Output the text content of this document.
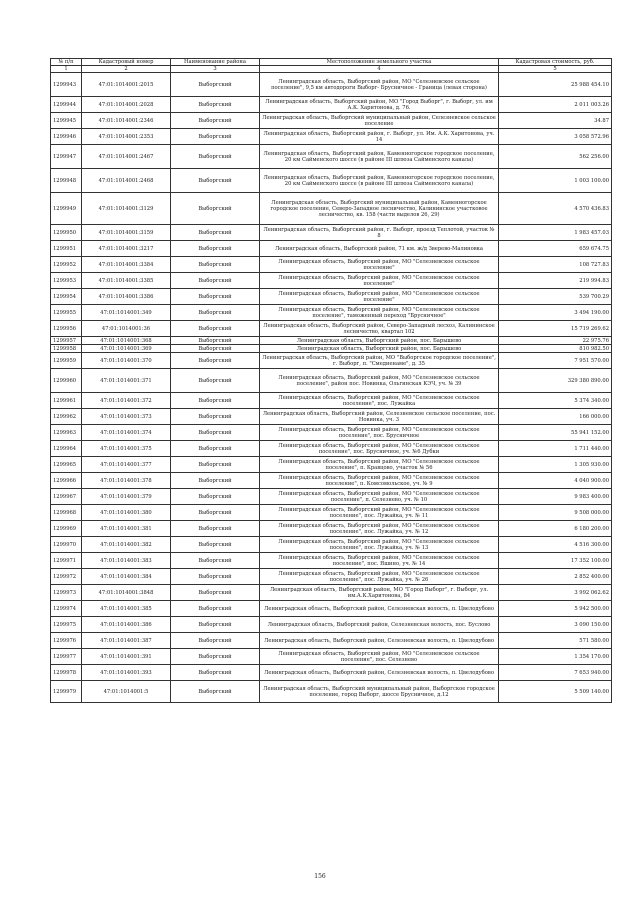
№ п/п	Кадастровый номер	Наименование района	Местоположение земельного участка	Кадастровая стоимость, руб.
1	2	3	4	5
1299943	47:01:1014001:2015	Выборгский	Ленинградская область, Выборгский район, МО "Селезневское сельское поселение", 9,5 км автодороги Выборг- Брусничное - Граница (левая сторона)	25 988 454.10
1299944	47:01:1014001:2028	Выборгский	Ленинградская область, Выборгский район, МО "Город Выборг", г. Выборг, ул. им А.К. Харитонова, д. 76.	2 011 003.26
1299945	47:01:1014001:2346	Выборгский	Ленинградская область, Выборгский муниципальный район, Селезневское сельское поселение	34.87
1299946	47:01:1014001:2353	Выборгский	Ленинградская область, Выборгский район, г. Выборг, ул. Им. А.К. Харитонова, уч. 14	3 058 572.96
1299947	47:01:1014001:2467	Выборгский	Ленинградская область, Выборгский район, Каменногорское городское поселение, 20 км Сайменского шоссе (в районе III шлюза Сайменского канала)	562 256.00
1299948	47:01:1014001:2468	Выборгский	Ленинградская область, Выборгский район, Каменногорское городское поселение, 20 км Сайменского шоссе (в районе III шлюза Сайменского канала)	1 003 100.00
1299949	47:01:1014001:3129	Выборгский	Ленинградская область, Выборгский муниципальный район, Каменногорское городское поселение, Северо-Западное лесничество, Калининское участковое лесничество, кв. 158 (части выделов 26, 29)	4 570 436.83
1299950	47:01:1014001:3159	Выборгский	Ленинградская область, Выборгский район, г. Выборг, проезд Теплотой, участок № 8	1 983 457.03
1299951	47:01:1014001:3217	Выборгский	Ленинградская область, Выборгский район, 71 км. ж/д Зверево-Малиновка	659 674.75
1299952	47:01:1014001:3384	Выборгский	Ленинградская область, Выборгский район, МО "Селезневское сельское поселение"	108 727.83
1299953	47:01:1014001:3385	Выборгский	Ленинградская область, Выборгский район, МО "Селезневское сельское поселение"	219 994.83
1299954	47:01:1014001:3386	Выборгский	Ленинградская область, Выборгский район, МО "Селезневское сельское поселение"	539 700.29
1299955	47:01:1014001:349	Выборгский	Ленинградская область, Выборгский район, МО "Селезневское сельское поселение", таможенный переход "Брусничное"	3 494 190.00
1299956	47:01:1014001:36	Выборгский	Ленинградская область, Выборгский район, Северо-Западный лесхоз, Калининское лесничество, квартал 102	15 719 269.62
1299957	47:01:1014001:368	Выборгский	Ленинградская область, Выборгский район, пос. Барышево	22 975.76
1299958	47:01:1014001:369	Выборгский	Ленинградская область, Выборгский район, пос. Барышево	810 982.50
1299959	47:01:1014001:370	Выборгский	Ленинградская область, Выборгский район, МО "Выборгское городское поселение", г. Выборг, п. "Смедиенаме", д. 35	7 951 570.00
1299960	47:01:1014001:371	Выборгский	Ленинградская область, Выборгский район, МО "Селезневское сельское поселение", район пос. Новинка, Ольгинская КЭЧ, уч. № 39	329 380 890.00
1299961	47:01:1014001:372	Выборгский	Ленинградская область, Выборгский район, МО "Селезневское сельское поселение", пос. Лужайка	5 374 340.00
1299962	47:01:1014001:373	Выборгский	Ленинградская область, Выборгский район, Селезневское сельское поселение, пос. Новинка, уч. 3	166 000.00
1299963	47:01:1014001:374	Выборгский	Ленинградская область, Выборгский район, МО "Селезневское сельское поселение", пос. Брусничное	55 941 152.00
1299964	47:01:1014001:375	Выборгский	Ленинградская область, Выборгский район, МО "Селезневское сельское поселение", пос. Брусничное, уч. №6 Дубки	1 711 440.00
1299965	47:01:1014001:377	Выборгский	Ленинградская область, Выборгский район, МО "Селезневское сельское поселение", п. Кравцово, участок № 56	1 305 930.00
1299966	47:01:1014001:378	Выборгский	Ленинградская область, Выборгский район, МО "Селезневское сельское поселение", п. Комсомольское, уч. № 9	4 040 900.00
1299967	47:01:1014001:379	Выборгский	Ленинградская область, Выборгский район, МО "Селезневское сельское поселение", п. Селезнево, уч. № 10	9 983 400.00
1299968	47:01:1014001:380	Выборгский	Ленинградская область, Выборгский район, МО "Селезневское сельское поселение", пос. Лужайка, уч. № 11	9 508 000.00
1299969	47:01:1014001:381	Выборгский	Ленинградская область, Выборгский район, МО "Селезневское сельское поселение", пос. Лужайка, уч. № 12	6 180 200.00
1299970	47:01:1014001:382	Выборгский	Ленинградская область, Выборгский район, МО "Селезневское сельское поселение", пос. Лужайка, уч. № 13	4 516 300.00
1299971	47:01:1014001:383	Выборгский	Ленинградская область, Выборгский район, МО "Селезневское сельское поселение", пос. Яшино, уч. № 14	17 352 100.00
1299972	47:01:1014001:384	Выборгский	Ленинградская область, Выборгский район, МО "Селезневское сельское поселение", пос. Лужайка, уч. № 26	2 852 400.00
1299973	47:01:1014001:3848	Выборгский	Ленинградская область, Выборгский район, МО "Город Выборг", г. Выборг, ул. им.А.К.Харитонова, 84	3 992 062.62
1299974	47:01:1014001:385	Выборгский	Ленинградская область, Выборгский район, Селезневская волость, п. Цвелодубово	5 942 500.00
1299975	47:01:1014001:386	Выборгский	Ленинградская область, Выборгский район, Селезневская волость, пос. Бусловo	3 090 150.00
1299976	47:01:1014001:387	Выборгский	Ленинградская область, Выборгский район, Селезневская волость, п. Цвелодубово	571 580.00
1299977	47:01:1014001:391	Выборгский	Ленинградская область, Выборгский район, МО "Селезневское сельское поселение", пос. Селезнево	1 354 170.00
1299978	47:01:1014001:393	Выборгский	Ленинградская область, Выборгский район, Селезневская волость, п. Цвелодубово	7 653 940.00
1299979	47:01:1014001:5	Выборгский	Ленинградская область, Выборгский муниципальный район, Выборгское городское поселение, город Выборг, шоссе Брусничное, д.12	5 509 140.00
156
